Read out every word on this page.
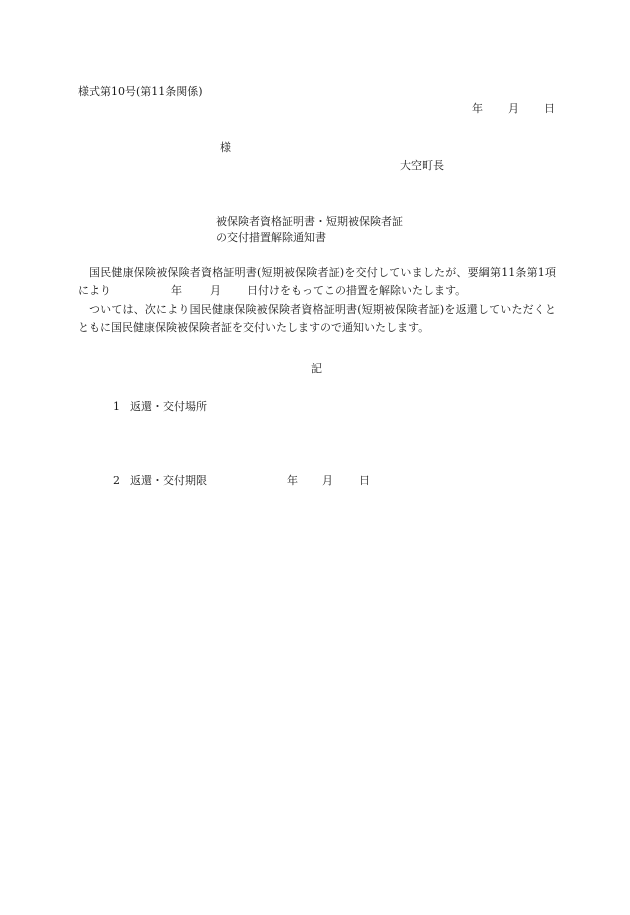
様式第10号(第11条関係)

年 月 日
様
大空町長
被保険者資格証明書・短期被保険者証
の交付措置解除通知書
国民健康保険被保険者資格証明書(短期被保険者証)を交付していましたが、要綱第11条第1項により	年	月 日付けをもってこの措置を解除いたします。
ついては、次により国民健康保険被保険者資格証明書(短期被保険者証)を返還していただくとともに国民健康保険被保険者証を交付いたしますので通知いたします。
記
1 返還・交付場所
2 返還・交付期限	年 月 日
